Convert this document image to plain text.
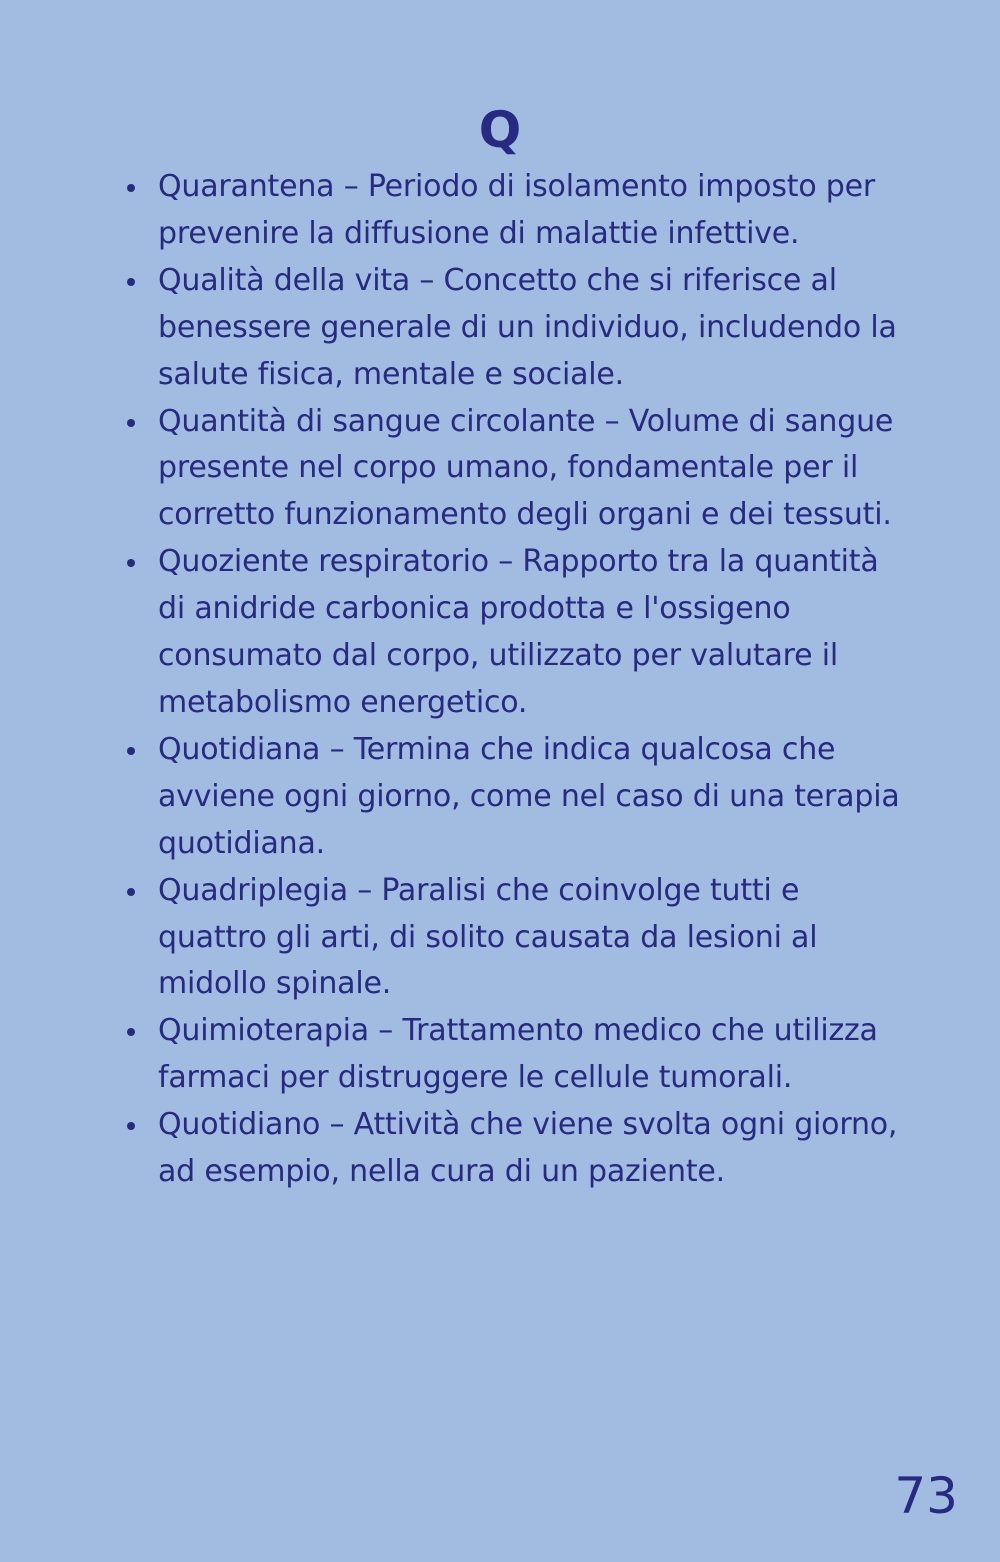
Q
Quarantena – Periodo di isolamento imposto per prevenire la diffusione di malattie infettive.
Qualità della vita – Concetto che si riferisce al benessere generale di un individuo, includendo la salute fisica, mentale e sociale.
Quantità di sangue circolante – Volume di sangue presente nel corpo umano, fondamentale per il corretto funzionamento degli organi e dei tessuti.
Quoziente respiratorio – Rapporto tra la quantità di anidride carbonica prodotta e l'ossigeno consumato dal corpo, utilizzato per valutare il metabolismo energetico.
Quotidiana – Termina che indica qualcosa che avviene ogni giorno, come nel caso di una terapia quotidiana.
Quadriplegia – Paralisi che coinvolge tutti e quattro gli arti, di solito causata da lesioni al midollo spinale.
Quimioterapia – Trattamento medico che utilizza farmaci per distruggere le cellule tumorali.
Quotidiano – Attività che viene svolta ogni giorno, ad esempio, nella cura di un paziente.

73
